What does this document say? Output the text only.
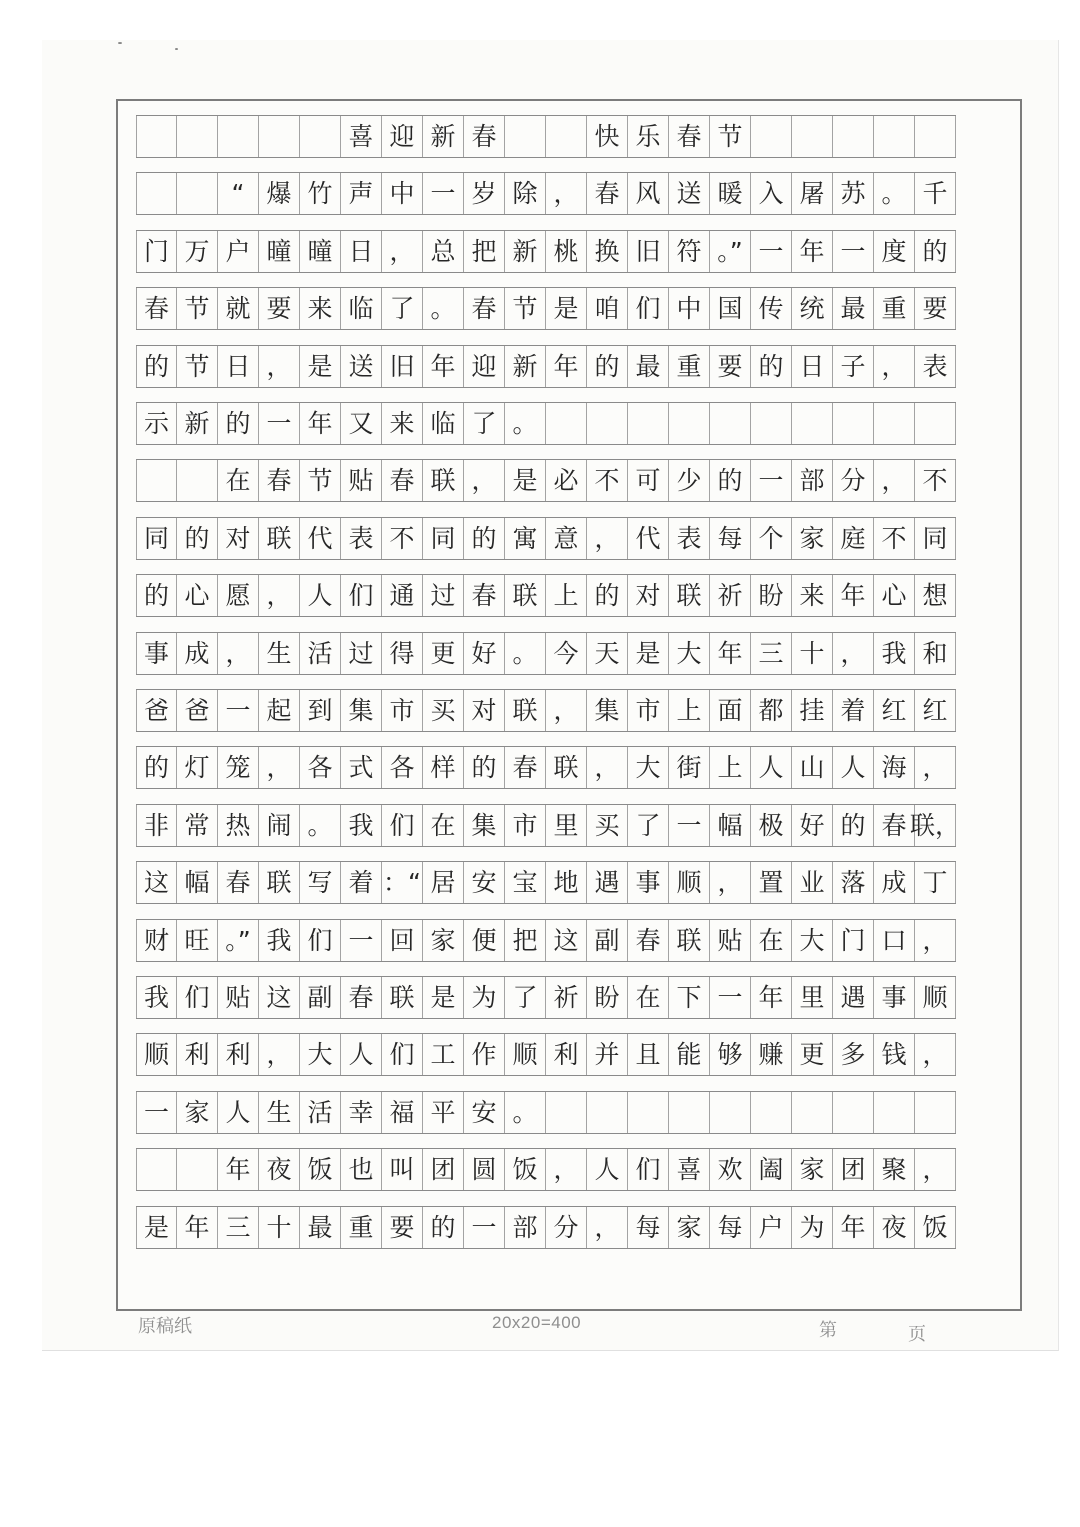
喜 迎 新 春	快 乐 春 节
“ 爆 竹 声 中 一 岁 除 ， 春 风 送 暖 入 屠 苏 。 千
门 万 户 曈 曈 日 ， 总 把 新 桃 换 旧 符 。” 一 年 一 度 的
春 节 就 要 来 临 了 。 春 节 是 咱 们 中 国 传 统 最 重 要
的 节 日 ， 是 送 旧 年 迎 新 年 的 最 重 要 的 日 子 ， 表
示 新 的 一 年 又 来 临 了 。
在 春 节 贴 春 联 ， 是 必 不 可 少 的 一 部 分 ， 不
同 的 对 联 代 表 不 同 的 寓 意 ， 代 表 每 个 家 庭 不 同
的 心 愿 ， 人 们 通 过 春 联 上 的 对 联 祈 盼 来 年 心 想
事 成 ， 生 活 过 得 更 好 。 今 天 是 大 年 三 十 ， 我 和
爸 爸 一 起 到 集 市 买 对 联 ， 集 市 上 面 都 挂 着 红 红
的 灯 笼 ， 各 式 各 样 的 春 联 ， 大 街 上 人 山 人 海 ，
非 常 热 闹 。 我 们 在 集 市 里 买 了 一 幅 极 好 的 春 联，
这 幅 春 联 写 着 ：“ 居 安 宝 地 遇 事 顺 ， 置 业 落 成 丁
财 旺 。” 我 们 一 回 家 便 把 这 副 春 联 贴 在 大 门 口 ，
我 们 贴 这 副 春 联 是 为 了 祈 盼 在 下 一 年 里 遇 事 顺
顺 利 利 ， 大 人 们 工 作 顺 利 并 且 能 够 赚 更 多 钱 ，
一 家 人 生 活 幸 福 平 安 。
年 夜 饭 也 叫 团 圆 饭 ， 人 们 喜 欢 阖 家 团 聚 ，
是 年 三 十 最 重 要 的 一 部 分 ， 每 家 每 户 为 年 夜 饭
原稿纸	20x20=400	第	页
